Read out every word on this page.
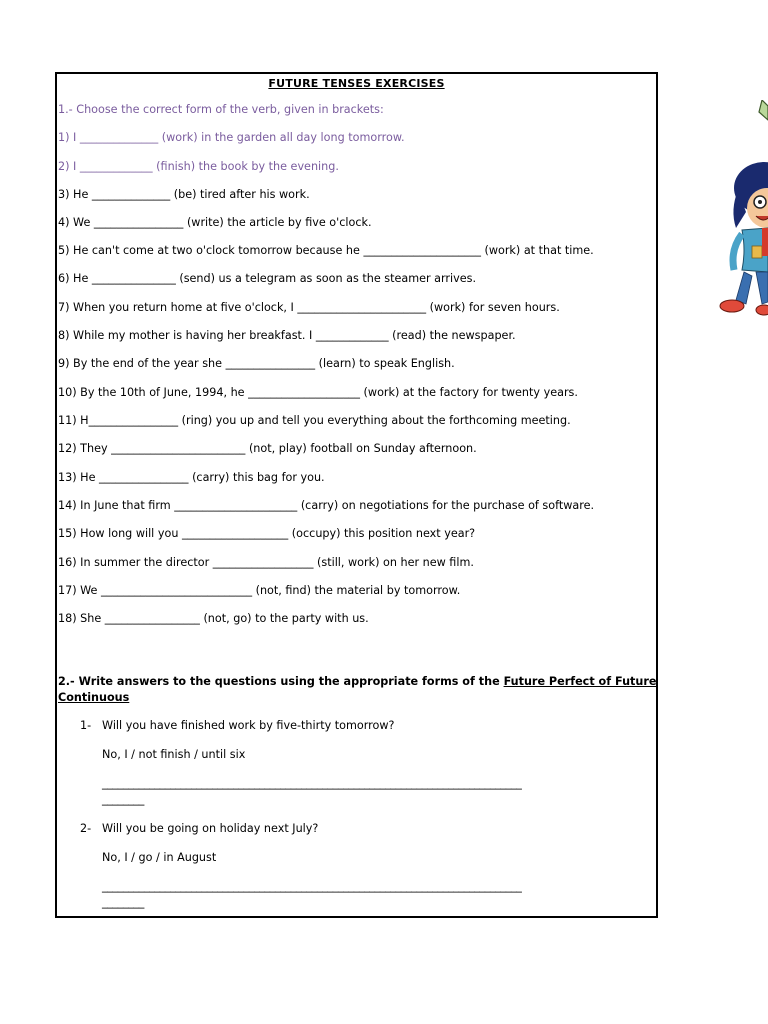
FUTURE TENSES EXERCISES
1.- Choose the correct form of the verb, given in brackets:
1) I ______________ (work) in the garden all day long tomorrow.
2) I _____________ (finish) the book by the evening.
3) He ______________ (be) tired after his work.
4) We ________________ (write) the article by five o'clock.
5) He can't come at two o'clock tomorrow because he _____________________ (work) at that time.
6) He _______________ (send) us a telegram as soon as the steamer arrives.
7) When you return home at five o'clock, I _______________________ (work) for seven hours.
8) While my mother is having her breakfast. I _____________ (read) the newspaper.
9) By the end of the year she ________________ (learn) to speak English.
10) By the 10th of June, 1994, he ____________________ (work) at the factory for twenty years.
11) H________________ (ring) you up and tell you everything about the forthcoming meeting.
12) They ________________________ (not, play) football on Sunday afternoon.
13) He ________________ (carry) this bag for you.
14) In June that firm ______________________ (carry) on negotiations for the purchase of software.
15) How long will you ___________________ (occupy) this position next year?
16) In summer the director __________________ (still, work) on her new film.
17) We ___________________________ (not, find) the material by tomorrow.
18) She _________________ (not, go) to the party with us.
2.- Write answers to the questions using the appropriate forms of the Future Perfect of Future
Continuous
1- Will you have finished work by five-thirty tomorrow?
No, I / not finish / until six
________________________________________________________________________________
________
2- Will you be going on holiday next July?
No, I / go / in August
________________________________________________________________________________
________
